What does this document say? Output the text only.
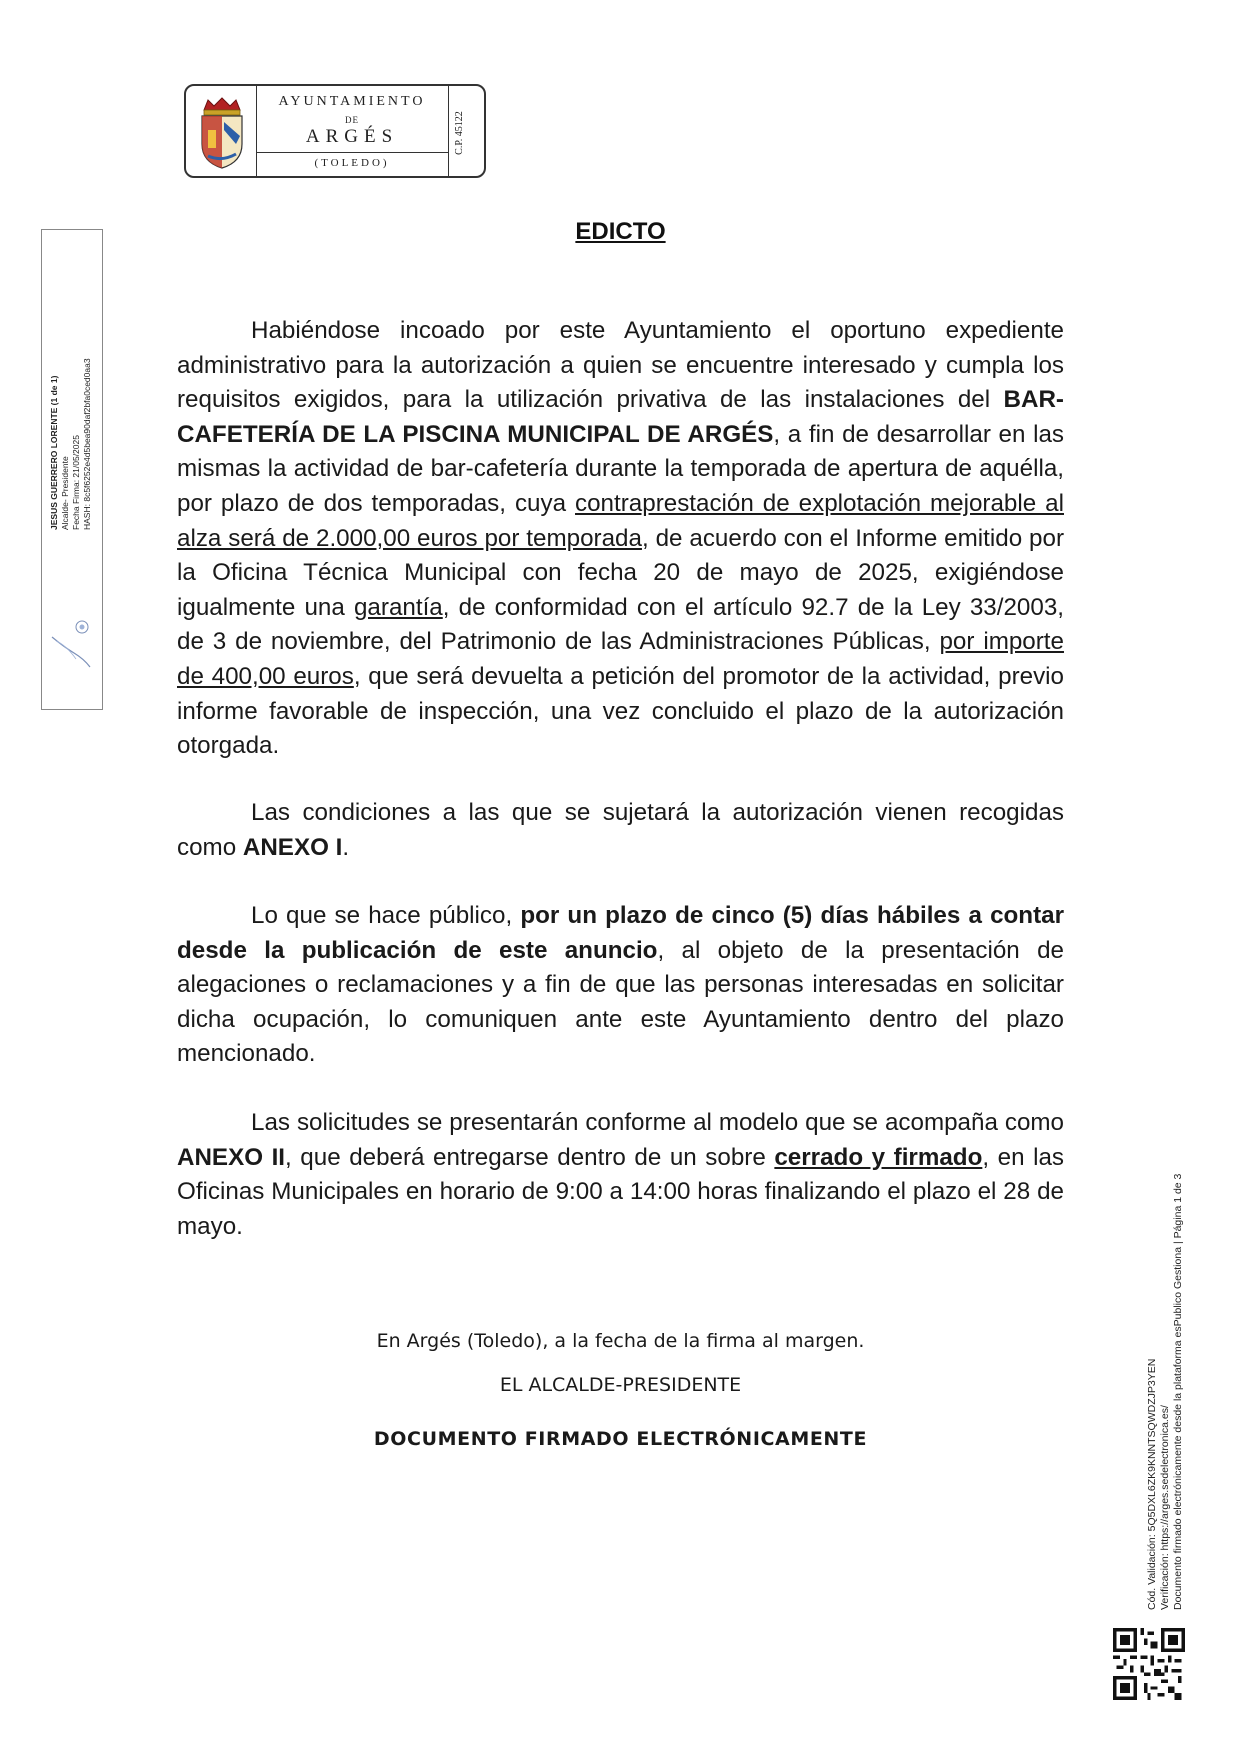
AYUNTAMIENTO
DE
ARGÉS
(TOLEDO)
C.P. 45122
JESUS GUERRERO LORENTE (1 de 1) Alcalde- Presidente Fecha Firma: 21/05/2025 HASH: 8c5f6252e4d5bea90daf2bfa0ced0aa3
EDICTO

Habiéndose incoado por este Ayuntamiento el oportuno expediente administrativo para la autorización a quien se encuentre interesado y cumpla los requisitos exigidos, para la utilización privativa de las instalaciones del BAR-CAFETERÍA DE LA PISCINA MUNICIPAL DE ARGÉS, a fin de desarrollar en las mismas la actividad de bar-cafetería durante la temporada de apertura de aquélla, por plazo de dos temporadas, cuya contraprestación de explotación mejorable al alza será de 2.000,00 euros por temporada, de acuerdo con el Informe emitido por la Oficina Técnica Municipal con fecha 20 de mayo de 2025, exigiéndose igualmente una garantía, de conformidad con el artículo 92.7 de la Ley 33/2003, de 3 de noviembre, del Patrimonio de las Administraciones Públicas, por importe de 400,00 euros, que será devuelta a petición del promotor de la actividad, previo informe favorable de inspección, una vez concluido el plazo de la autorización otorgada.

Las condiciones a las que se sujetará la autorización vienen recogidas como ANEXO I.

Lo que se hace público, por un plazo de cinco (5) días hábiles a contar desde la publicación de este anuncio, al objeto de la presentación de alegaciones o reclamaciones y a fin de que las personas interesadas en solicitar dicha ocupación, lo comuniquen ante este Ayuntamiento dentro del plazo mencionado.

Las solicitudes se presentarán conforme al modelo que se acompaña como ANEXO II, que deberá entregarse dentro de un sobre cerrado y firmado, en las Oficinas Municipales en horario de 9:00 a 14:00 horas finalizando el plazo el 28 de mayo.

En Argés (Toledo), a la fecha de la firma al margen.
EL ALCALDE-PRESIDENTE
DOCUMENTO FIRMADO ELECTRÓNICAMENTE	Cód. Validación: 5Q5DXL6ZK9KNNTSQWDZJP3YEN Verificación: https://arges.sedelectronica.es/ Documento firmado electrónicamente desde la plataforma esPublico Gestiona | Página 1 de 3
